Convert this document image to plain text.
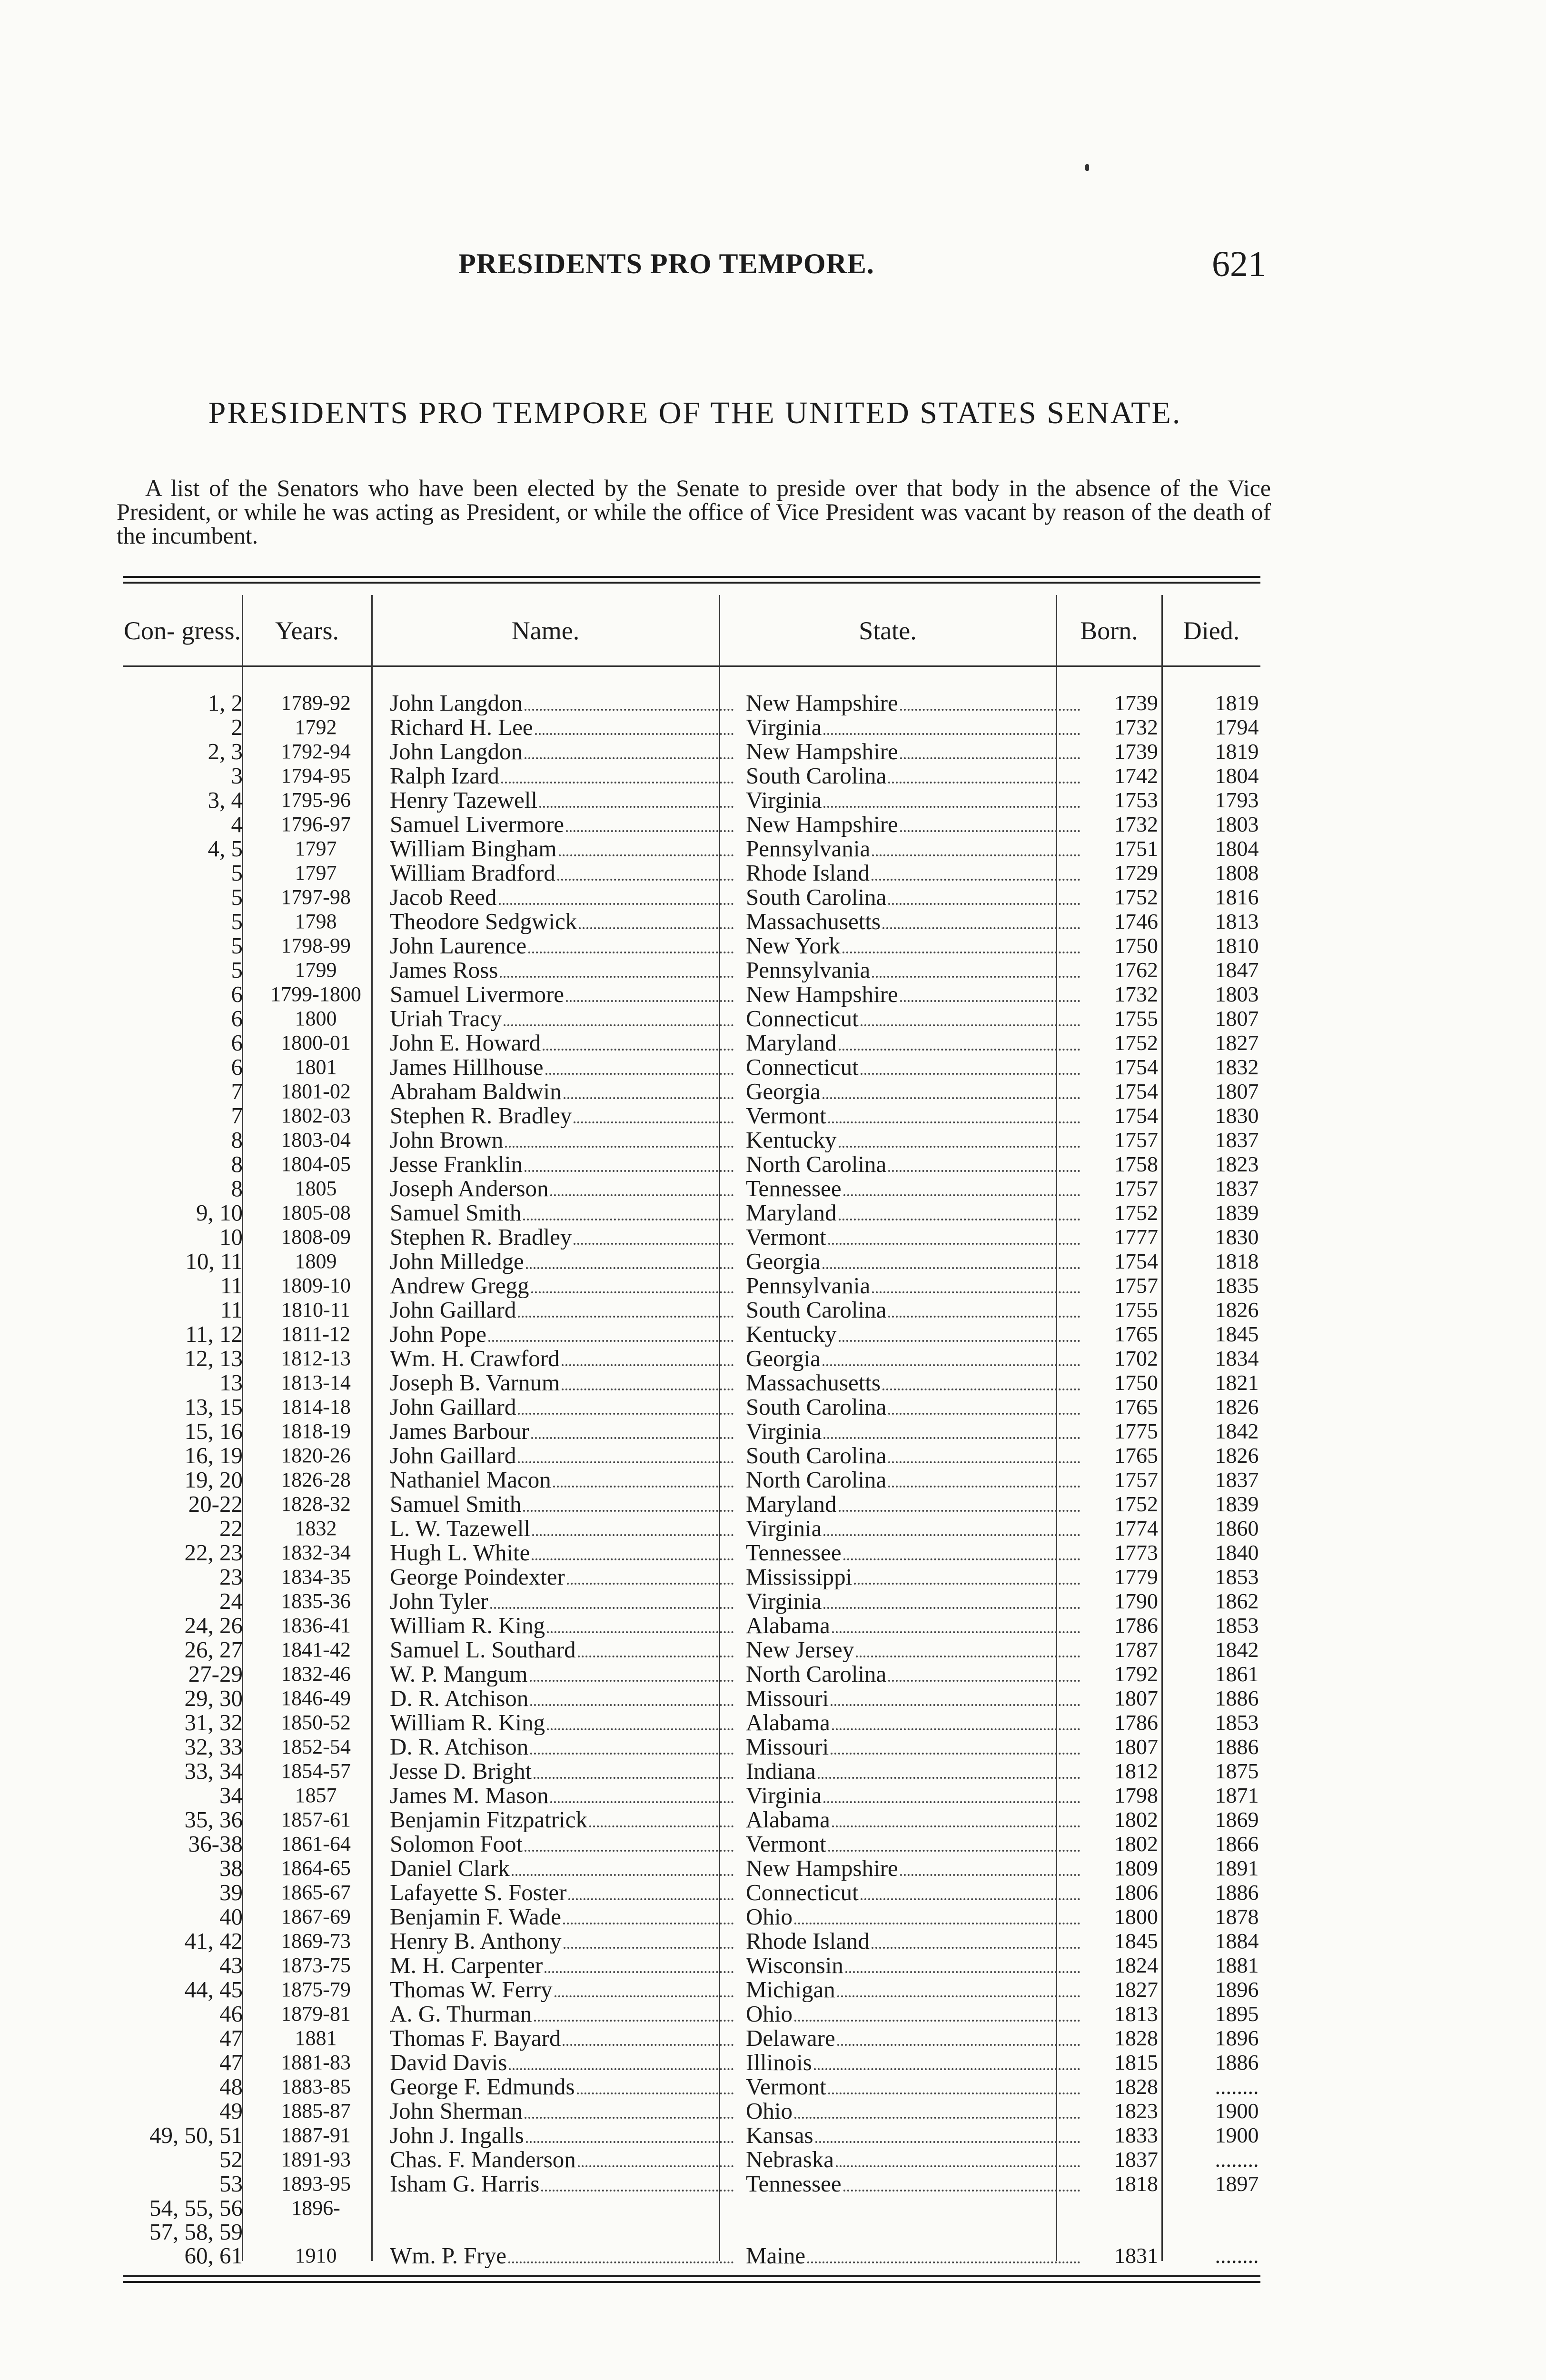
PRESIDENTS PRO TEMPORE.	621
PRESIDENTS PRO TEMPORE OF THE UNITED STATES SENATE.
A list of the Senators who have been elected by the Senate to preside over that body in the absence of the Vice President, or while he was acting as President, or while the office of Vice President was vacant by reason of the death of the incumbent.
Con- gress.	Years.	Name.	State.	Born.	Died.
1, 2	1789-92	John Langdon	New Hampshire	1739	1819
2	1792	Richard H. Lee	Virginia	1732	1794
2, 3	1792-94	John Langdon	New Hampshire	1739	1819
3	1794-95	Ralph Izard	South Carolina	1742	1804
3, 4	1795-96	Henry Tazewell	Virginia	1753	1793
4	1796-97	Samuel Livermore	New Hampshire	1732	1803
4, 5	1797	William Bingham	Pennsylvania	1751	1804
5	1797	William Bradford	Rhode Island	1729	1808
5	1797-98	Jacob Reed	South Carolina	1752	1816
5	1798	Theodore Sedgwick	Massachusetts	1746	1813
5	1798-99	John Laurence	New York	1750	1810
5	1799	James Ross	Pennsylvania	1762	1847
6	1799-1800	Samuel Livermore	New Hampshire	1732	1803
6	1800	Uriah Tracy	Connecticut	1755	1807
6	1800-01	John E. Howard	Maryland	1752	1827
6	1801	James Hillhouse	Connecticut	1754	1832
7	1801-02	Abraham Baldwin	Georgia	1754	1807
7	1802-03	Stephen R. Bradley	Vermont	1754	1830
8	1803-04	John Brown	Kentucky	1757	1837
8	1804-05	Jesse Franklin	North Carolina	1758	1823
8	1805	Joseph Anderson	Tennessee	1757	1837
9, 10	1805-08	Samuel Smith	Maryland	1752	1839
10	1808-09	Stephen R. Bradley	Vermont	1777	1830
10, 11	1809	John Milledge	Georgia	1754	1818
11	1809-10	Andrew Gregg	Pennsylvania	1757	1835
11	1810-11	John Gaillard	South Carolina	1755	1826
11, 12	1811-12	John Pope	Kentucky	1765	1845
12, 13	1812-13	Wm. H. Crawford	Georgia	1702	1834
13	1813-14	Joseph B. Varnum	Massachusetts	1750	1821
13, 15	1814-18	John Gaillard	South Carolina	1765	1826
15, 16	1818-19	James Barbour	Virginia	1775	1842
16, 19	1820-26	John Gaillard	South Carolina	1765	1826
19, 20	1826-28	Nathaniel Macon	North Carolina	1757	1837
20-22	1828-32	Samuel Smith	Maryland	1752	1839
22	1832	L. W. Tazewell	Virginia	1774	1860
22, 23	1832-34	Hugh L. White	Tennessee	1773	1840
23	1834-35	George Poindexter	Mississippi	1779	1853
24	1835-36	John Tyler	Virginia	1790	1862
24, 26	1836-41	William R. King	Alabama	1786	1853
26, 27	1841-42	Samuel L. Southard	New Jersey	1787	1842
27-29	1832-46	W. P. Mangum	North Carolina	1792	1861
29, 30	1846-49	D. R. Atchison	Missouri	1807	1886
31, 32	1850-52	William R. King	Alabama	1786	1853
32, 33	1852-54	D. R. Atchison	Missouri	1807	1886
33, 34	1854-57	Jesse D. Bright	Indiana	1812	1875
34	1857	James M. Mason	Virginia	1798	1871
35, 36	1857-61	Benjamin Fitzpatrick	Alabama	1802	1869
36-38	1861-64	Solomon Foot	Vermont	1802	1866
38	1864-65	Daniel Clark	New Hampshire	1809	1891
39	1865-67	Lafayette S. Foster	Connecticut	1806	1886
40	1867-69	Benjamin F. Wade	Ohio	1800	1878
41, 42	1869-73	Henry B. Anthony	Rhode Island	1845	1884
43	1873-75	M. H. Carpenter	Wisconsin	1824	1881
44, 45	1875-79	Thomas W. Ferry	Michigan	1827	1896
46	1879-81	A. G. Thurman	Ohio	1813	1895
47	1881	Thomas F. Bayard	Delaware	1828	1896
47	1881-83	David Davis	Illinois	1815	1886
48	1883-85	George F. Edmunds	Vermont	1828	........
49	1885-87	John Sherman	Ohio	1823	1900
49, 50, 51	1887-91	John J. Ingalls	Kansas	1833	1900
52	1891-93	Chas. F. Manderson	Nebraska	1837	........
53	1893-95	Isham G. Harris	Tennessee	1818	1897
54, 55, 56	1896-				
57, 58, 59					
60, 61	1910	Wm. P. Frye	Maine	1831	........
